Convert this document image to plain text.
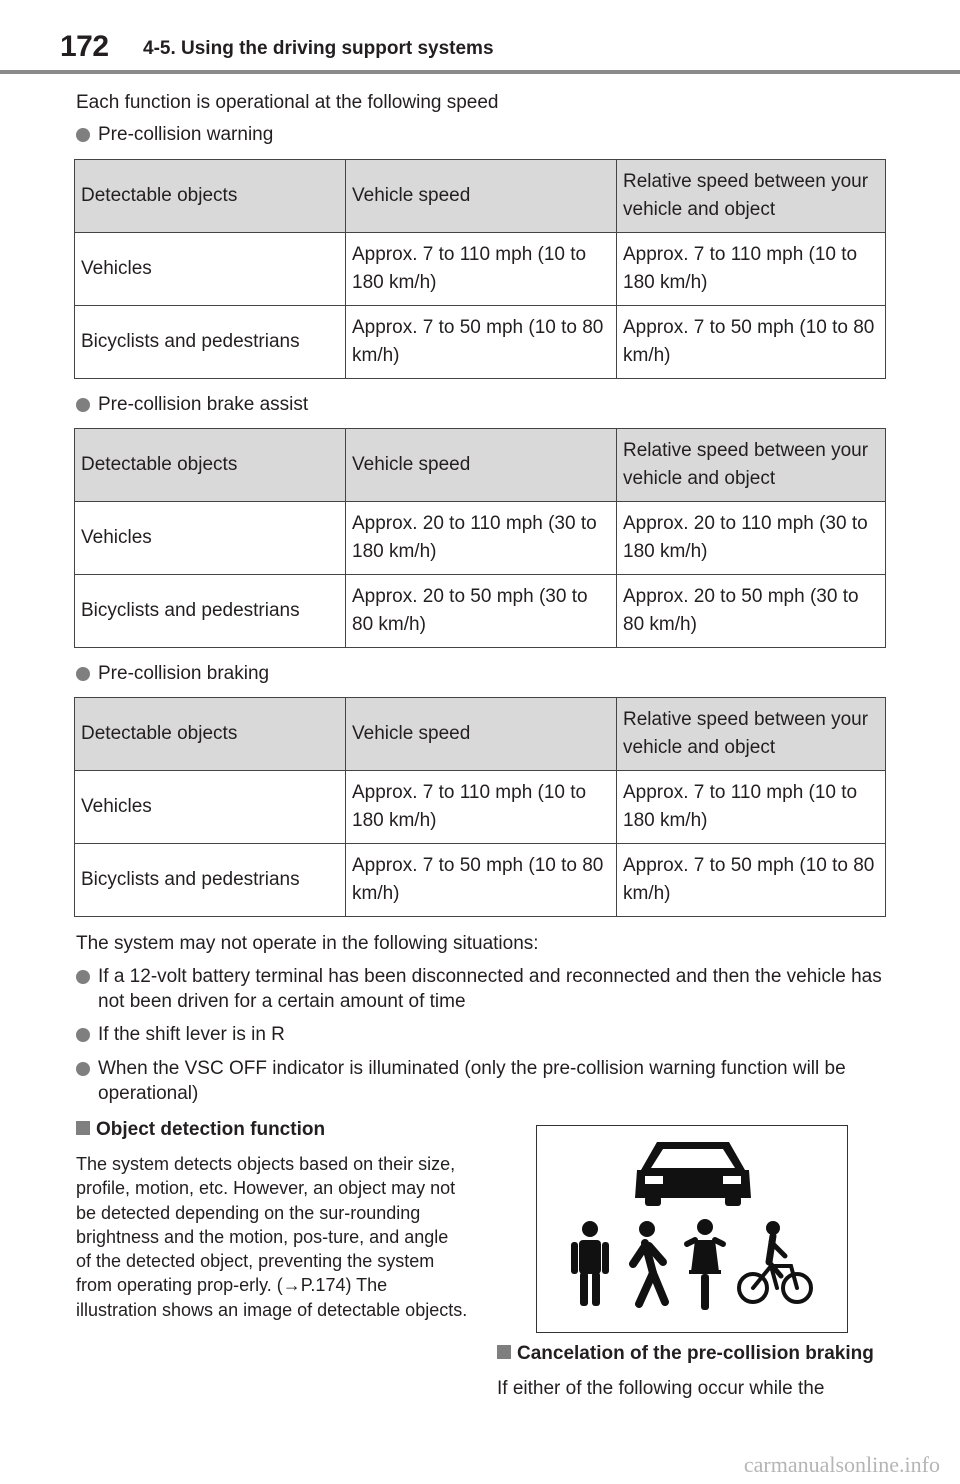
172 4-5. Using the driving support systems
Each function is operational at the following speed
Pre-collision warning
Detectable objects	Vehicle speed	Relative speed between your vehicle and object
Vehicles	Approx. 7 to 110 mph (10 to 180 km/h)	Approx. 7 to 110 mph (10 to 180 km/h)
Bicyclists and pedestrians	Approx. 7 to 50 mph (10 to 80 km/h)	Approx. 7 to 50 mph (10 to 80 km/h)
Pre-collision brake assist
Detectable objects	Vehicle speed	Relative speed between your vehicle and object
Vehicles	Approx. 20 to 110 mph (30 to 180 km/h)	Approx. 20 to 110 mph (30 to 180 km/h)
Bicyclists and pedestrians	Approx. 20 to 50 mph (30 to 80 km/h)	Approx. 20 to 50 mph (30 to 80 km/h)
Pre-collision braking
Detectable objects	Vehicle speed	Relative speed between your vehicle and object
Vehicles	Approx. 7 to 110 mph (10 to 180 km/h)	Approx. 7 to 110 mph (10 to 180 km/h)
Bicyclists and pedestrians	Approx. 7 to 50 mph (10 to 80 km/h)	Approx. 7 to 50 mph (10 to 80 km/h)
The system may not operate in the following situations:
If a 12-volt battery terminal has been disconnected and reconnected and then the vehicle has not been driven for a certain amount of time
If the shift lever is in R
When the VSC OFF indicator is illuminated (only the pre-collision warning function will be operational)
Object detection function
The system detects objects based on their size, profile, motion, etc. However, an object may not be detected depending on the sur-rounding brightness and the motion, pos-ture, and angle of the detected object, preventing the system from operating prop-erly. (→P.174) The illustration shows an image of detectable objects.
Cancelation of the pre-collision braking
If either of the following occur while the
carmanualsonline.info
